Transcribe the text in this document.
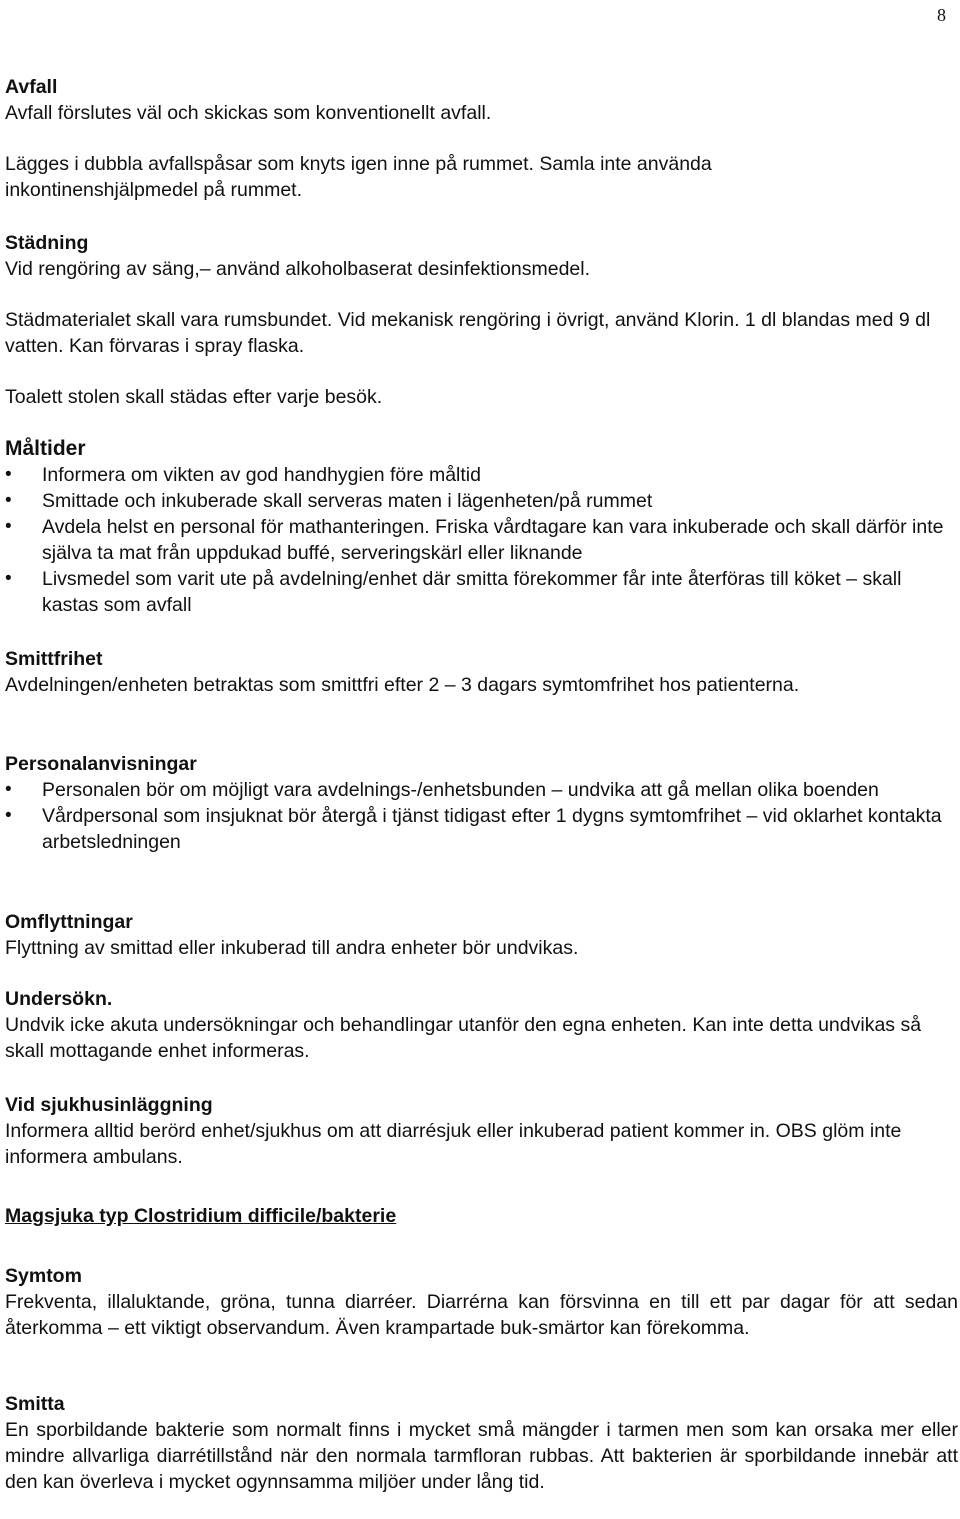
8
Avfall
Avfall förslutes väl och skickas som konventionellt avfall.
Lägges i dubbla avfallspåsar som knyts igen inne på rummet. Samla inte använda inkontinenshjälpmedel på rummet.
Städning
Vid rengöring av säng,– använd alkoholbaserat desinfektionsmedel.
Städmaterialet skall vara rumsbundet. Vid mekanisk rengöring i övrigt, använd Klorin. 1 dl blandas med 9 dl vatten. Kan förvaras i spray flaska.
Toalett stolen skall städas efter varje besök.
Måltider
• Informera om vikten av god handhygien före måltid
• Smittade och inkuberade skall serveras maten i lägenheten/på rummet
• Avdela helst en personal för mathanteringen. Friska vårdtagare kan vara inkuberade och skall därför inte själva ta mat från uppdukad buffé, serveringskärl eller liknande
• Livsmedel som varit ute på avdelning/enhet där smitta förekommer får inte återföras till köket – skall kastas som avfall
Smittfrihet
Avdelningen/enheten betraktas som smittfri efter 2 – 3 dagars symtomfrihet hos patienterna.
Personalanvisningar
• Personalen bör om möjligt vara avdelnings-/enhetsbunden – undvika att gå mellan olika boenden
• Vårdpersonal som insjuknat bör återgå i tjänst tidigast efter 1 dygns symtomfrihet – vid oklarhet kontakta arbetsledningen
Omflyttningar
Flyttning av smittad eller inkuberad till andra enheter bör undvikas.
Undersökn.
Undvik icke akuta undersökningar och behandlingar utanför den egna enheten. Kan inte detta undvikas så skall mottagande enhet informeras.
Vid sjukhusinläggning
Informera alltid berörd enhet/sjukhus om att diarrésjuk eller inkuberad patient kommer in. OBS glöm inte informera ambulans.
Magsjuka typ Clostridium difficile/bakterie
Symtom
Frekventa, illaluktande, gröna, tunna diarréer. Diarrérna kan försvinna en till ett par dagar för att sedan återkomma – ett viktigt observandum. Även krampartade buk-smärtor kan förekomma.
Smitta
En sporbildande bakterie som normalt finns i mycket små mängder i tarmen men som kan orsaka mer eller mindre allvarliga diarrétillstånd när den normala tarmfloran rubbas. Att bakterien är sporbildande innebär att den kan överleva i mycket ogynnsamma miljöer under lång tid.
